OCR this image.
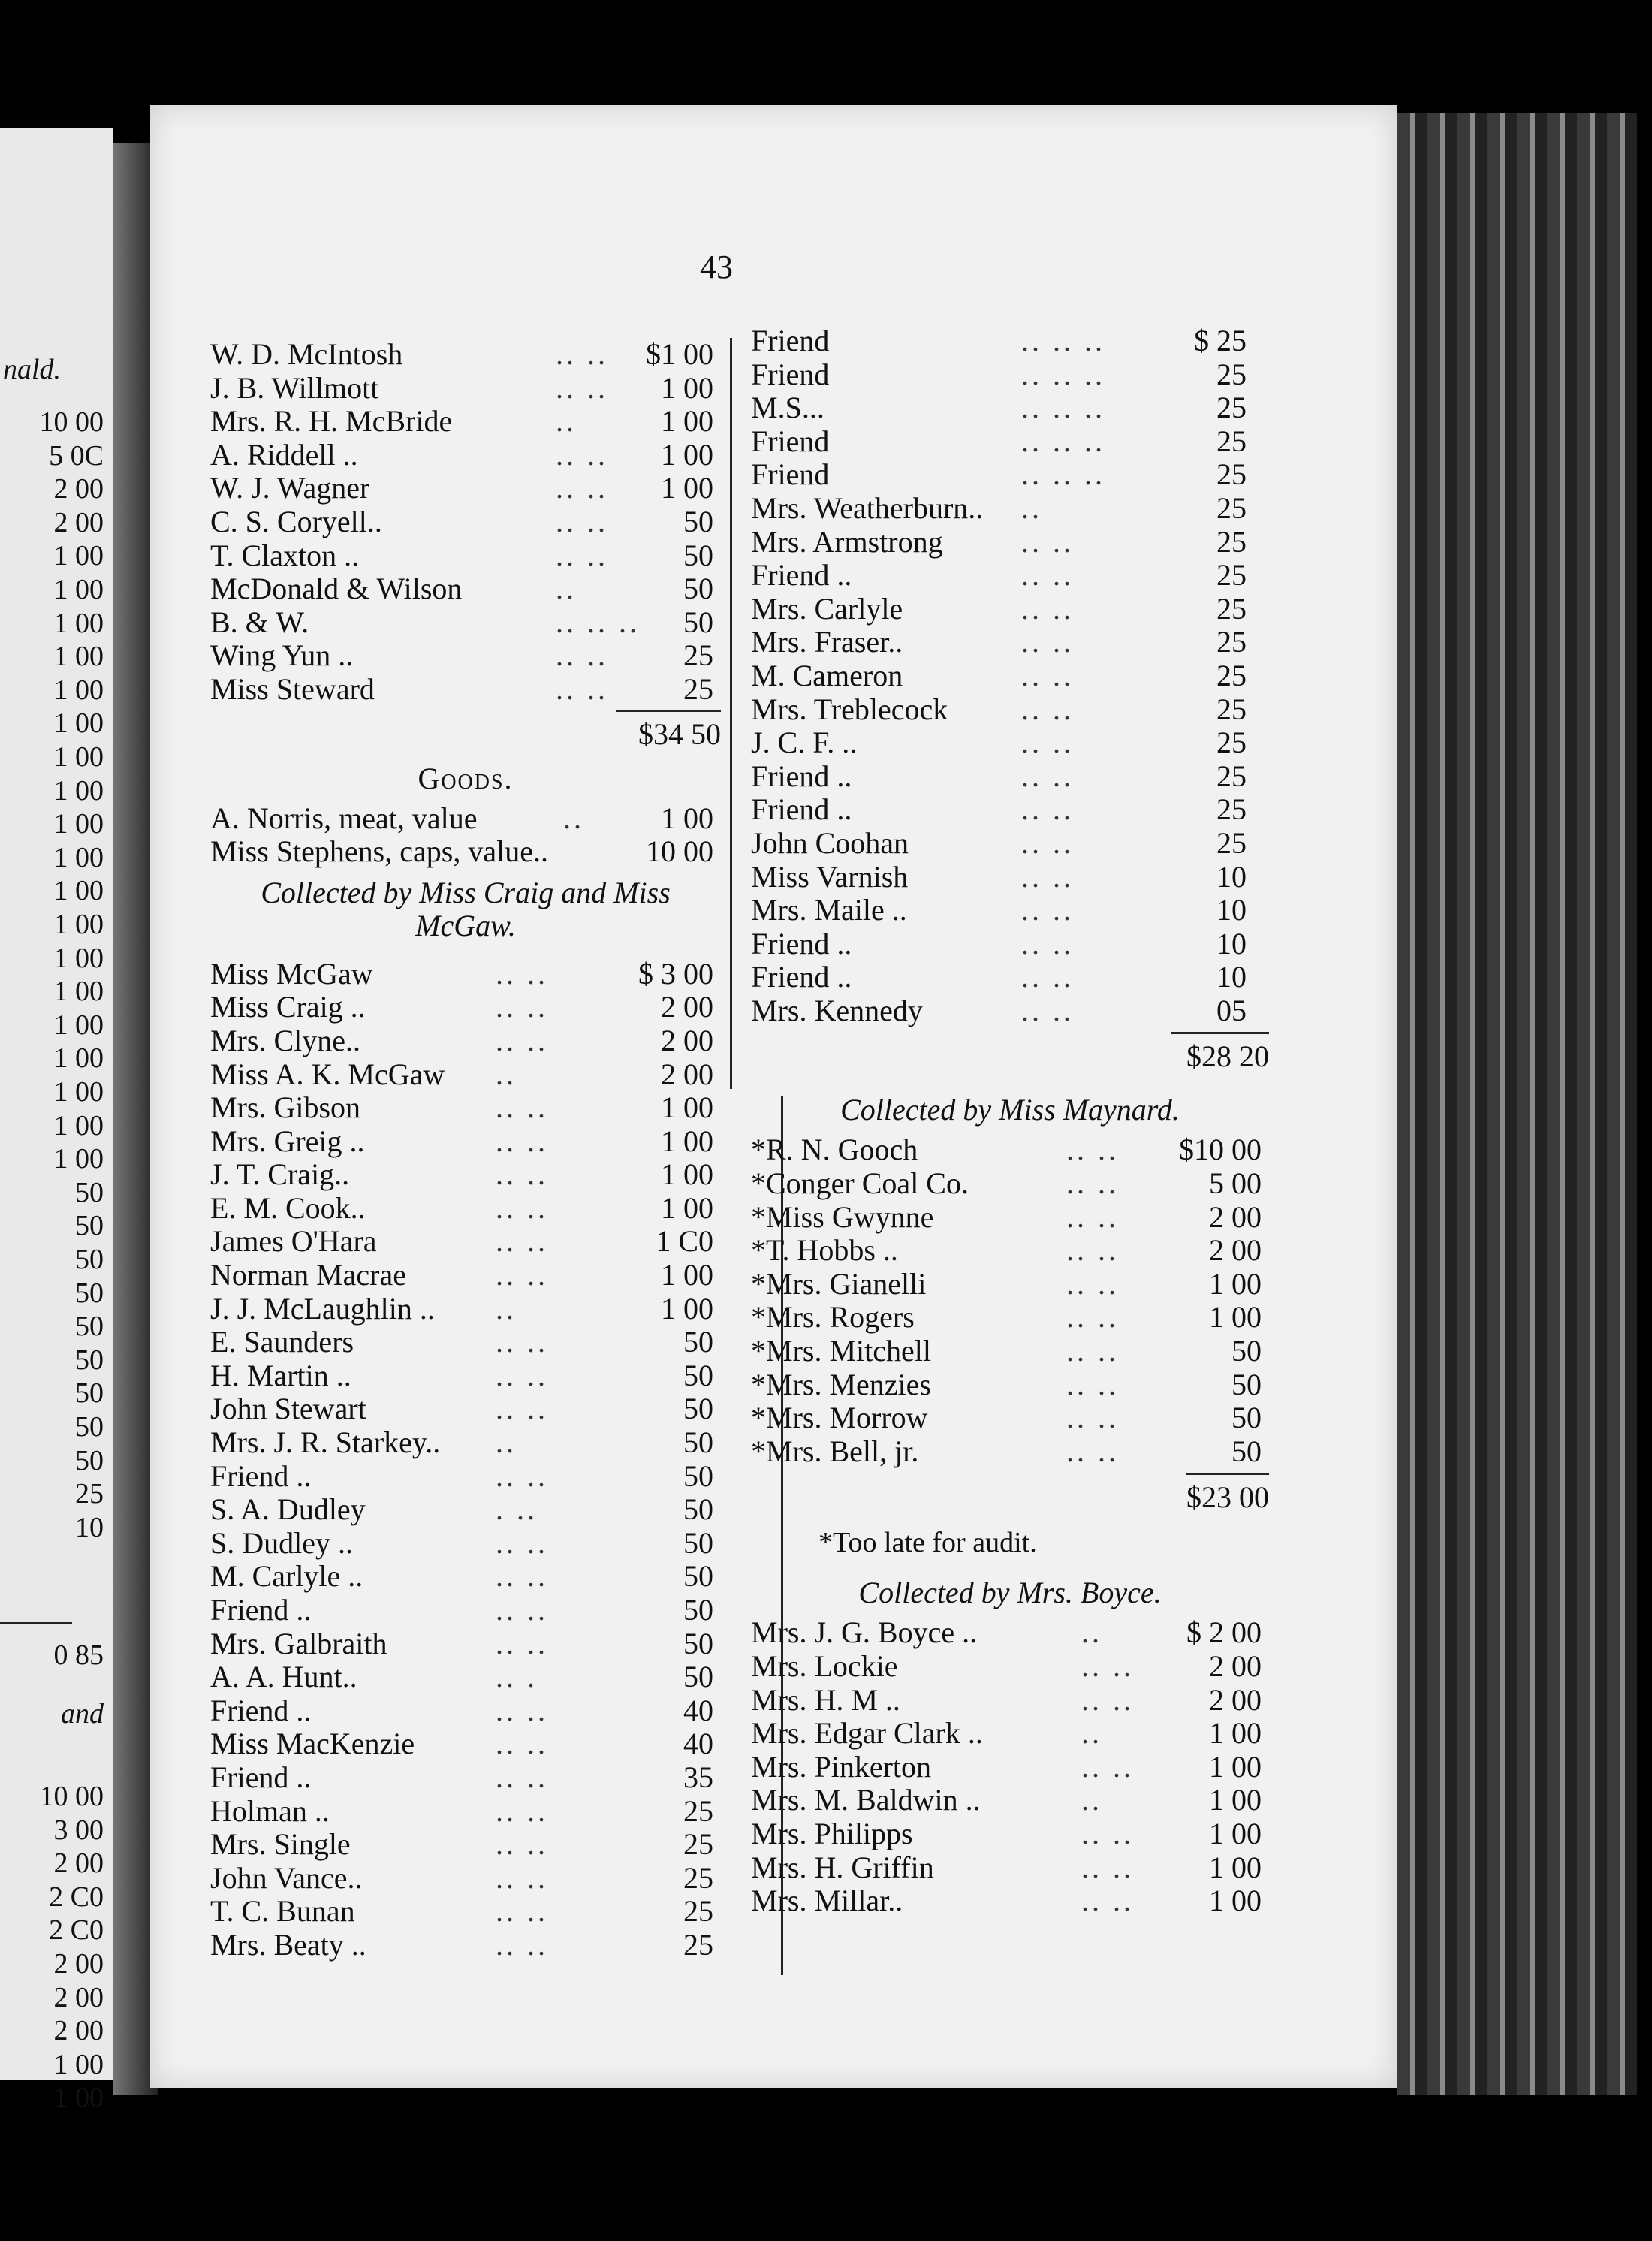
nald.
10 00
5 0C
2 00
2 00
1 00
1 00
1 00
1 00
1 00
1 00
1 00
1 00
1 00
1 00
1 00
1 00
1 00
1 00
1 00
1 00
1 00
1 00
1 00
50
50
50
50
50
50
50
50
50
25
10
0 85
and
10 00
3 00
2 00
2 C0
2 C0
2 00
2 00
2 00
1 00
1 00
43
W. D. McIntosh	.. .. $1 00
J. B. Willmott	.. .. 1 00
Mrs. R. H. McBride	..	1 00
A. Riddell ..	.. .. 1 00
W. J. Wagner	.. .. 1 00
C. S. Coryell..	.. ..	50
T. Claxton ..	.. ..	50
McDonald & Wilson	..	50
B. & W.	.. .. .. 50
Wing Yun ..	.. ..	25
Miss Steward	.. ..	25
$34 50
Goods.
A. Norris, meat, value	..	1 00
Miss Stephens, caps, value..	10 00
Collected by Miss Craig and Miss
McGaw.
Miss McGaw	.. ..	$ 3 00
Miss Craig ..	.. ..	2 00
Mrs. Clyne..	.. ..	2 00
Miss A. K. McGaw ..	2 00
Mrs. Gibson	.. ..	1 00
Mrs. Greig ..	.. ..	1 00
J. T. Craig..	.. ..	1 00
E. M. Cook..	.. ..	1 00
James O'Hara	.. ..	1 C0
Norman Macrae	.. ..	1 00
J. J. McLaughlin .. ..	1 00
E. Saunders	.. ..	50
H. Martin ..	.. ..	50
John Stewart	.. ..	50
Mrs. J. R. Starkey.. ..	50
Friend ..	.. ..	50
S. A. Dudley	. ..	50
S. Dudley ..	.. ..	50
M. Carlyle ..	.. ..	50
Friend ..	.. ..	50
Mrs. Galbraith	.. ..	50
A. A. Hunt..	.. .	50
Friend ..	.. ..	40
Miss MacKenzie	.. ..	40
Friend ..	.. ..	35
Holman ..	.. ..	25
Mrs. Single	.. ..	25
John Vance..	.. ..	25
T. C. Bunan	.. ..	25
Mrs. Beaty ..	.. ..	25
Friend	.. .. ..	$ 25
Friend	.. .. ..	25
M.S...	.. .. ..	25
Friend	.. .. ..	25
Friend	.. .. ..	25
Mrs. Weatherburn.. ..	25
Mrs. Armstrong	.. ..	25
Friend ..	.. ..	25
Mrs. Carlyle	.. ..	25
Mrs. Fraser..	.. ..	25
M. Cameron	.. ..	25
Mrs. Treblecock .. ..	25
J. C. F. ..	.. ..	25
Friend ..	.. ..	25
Friend ..	.. ..	25
John Coohan	.. ..	25
Miss Varnish	.. ..	10
Mrs. Maile ..	.. ..	10
Friend ..	.. ..	10
Friend ..	.. ..	10
Mrs. Kennedy	.. ..	05
$28 20
Collected by Miss Maynard.
*R. N. Gooch	.. .. $10 00
*Conger Coal Co.	.. ..	5 00
*Miss Gwynne	.. ..	2 00
*T. Hobbs ..	.. ..	2 00
*Mrs. Gianelli	.. ..	1 00
*Mrs. Rogers	.. ..	1 00
*Mrs. Mitchell	.. ..	50
*Mrs. Menzies	.. ..	50
*Mrs. Morrow	.. ..	50
*Mrs. Bell, jr.	.. ..	50
$23 00
*Too late for audit.
Collected by Mrs. Boyce.
Mrs. J. G. Boyce ..	..	$ 2 00
Mrs. Lockie	.. ..	2 00
Mrs. H. M ..	.. ..	2 00
Mrs. Edgar Clark ..	..	1 00
Mrs. Pinkerton	.. ..	1 00
Mrs. M. Baldwin ..	..	1 00
Mrs. Philipps	.. ..	1 00
Mrs. H. Griffin	.. ..	1 00
Mrs. Millar..	.. ..	1 00
